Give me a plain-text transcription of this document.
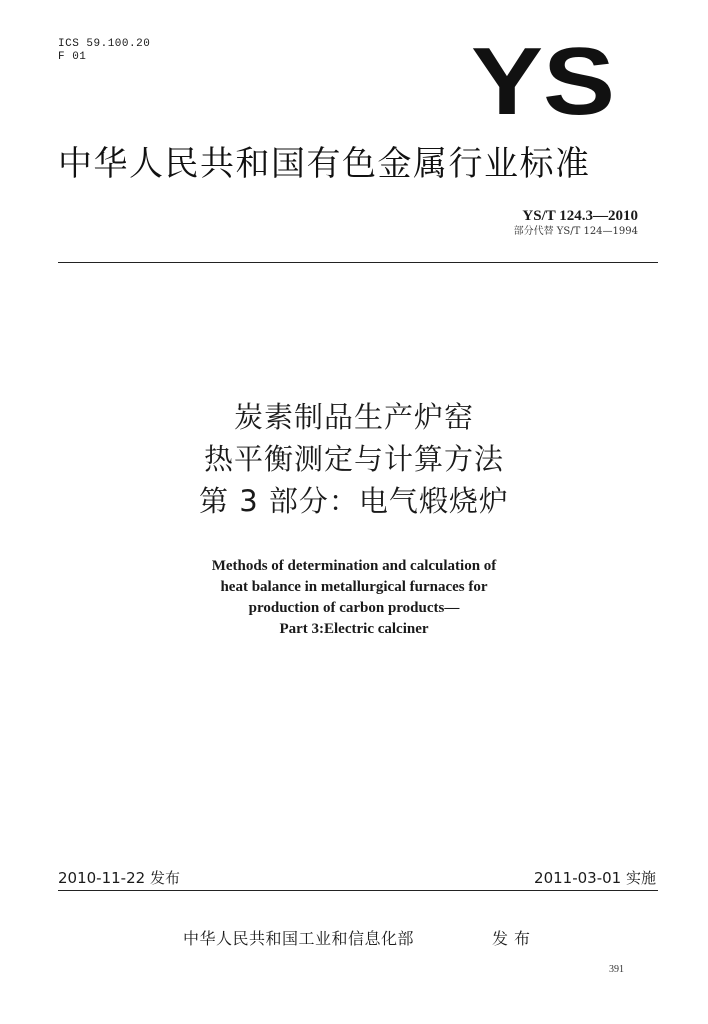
ICS 59.100.20
F 01	YS
中华人民共和国有色金属行业标准
YS/T 124.3—2010
部分代替 YS/T 124—1994
炭素制品生产炉窑
热平衡测定与计算方法
第 3 部分：电气煅烧炉
Methods of determination and calculation of
heat balance in metallurgical furnaces for
production of carbon products—
Part 3:Electric calciner
2010-11-22 发布	2011-03-01 实施
中华人民共和国工业和信息化部	发布
391
